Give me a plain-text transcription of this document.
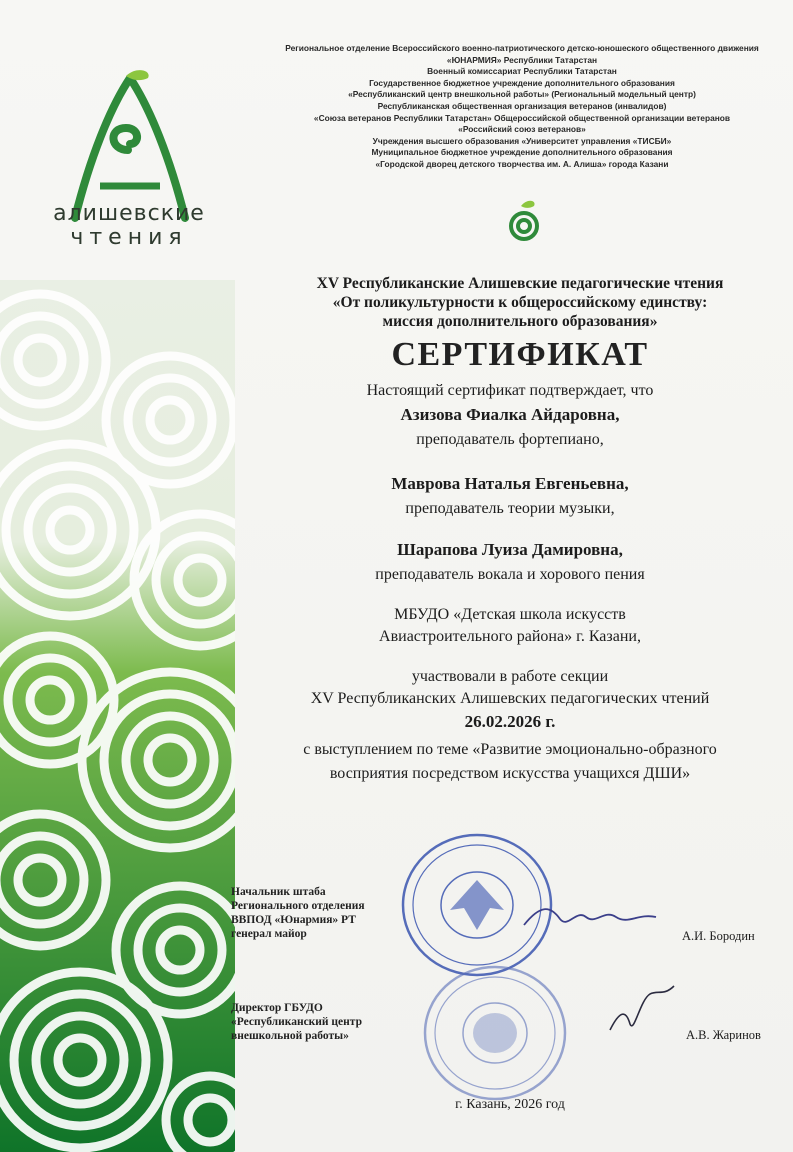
алишевские
чтения
Региональное отделение Всероссийского военно-патриотического детско-юношеского общественного движения
«ЮНАРМИЯ» Республики Татарстан
Военный комиссариат Республики Татарстан
Государственное бюджетное учреждение дополнительного образования
«Республиканский центр внешкольной работы» (Региональный модельный центр)
Республиканская общественная организация ветеранов (инвалидов)
«Союза ветеранов Республики Татарстан» Общероссийской общественной организации ветеранов
«Российский союз ветеранов»
Учреждения высшего образования «Университет управления «ТИСБИ»
Муниципальное бюджетное учреждение дополнительного образования
«Городской дворец детского творчества им. А. Алиша» города Казани
XV Республиканские Алишевские педагогические чтения
«От поликультурности к общероссийскому единству:
миссия дополнительного образования»
СЕРТИФИКАТ
Настоящий сертификат подтверждает, что
Азизова Фиалка Айдаровна,
преподаватель фортепиано,
Маврова Наталья Евгеньевна,
преподаватель теории музыки,
Шарапова Луиза Дамировна,
преподаватель вокала и хорового пения
МБУДО «Детская школа искусств
Авиастроительного района» г. Казани,
участвовали в работе секции
XV Республиканских Алишевских педагогических чтений
26.02.2026 г.
с выступлением по теме «Развитие эмоционально-образного
восприятия посредством искусства учащихся ДШИ»
Начальник штаба
Регионального отделения
ВВПОД «Юнармия» РТ
генерал майор	А.И. Бородин
Директор ГБУДО
«Республиканский центр
внешкольной работы»	А.В. Жаринов
г. Казань, 2026 год
